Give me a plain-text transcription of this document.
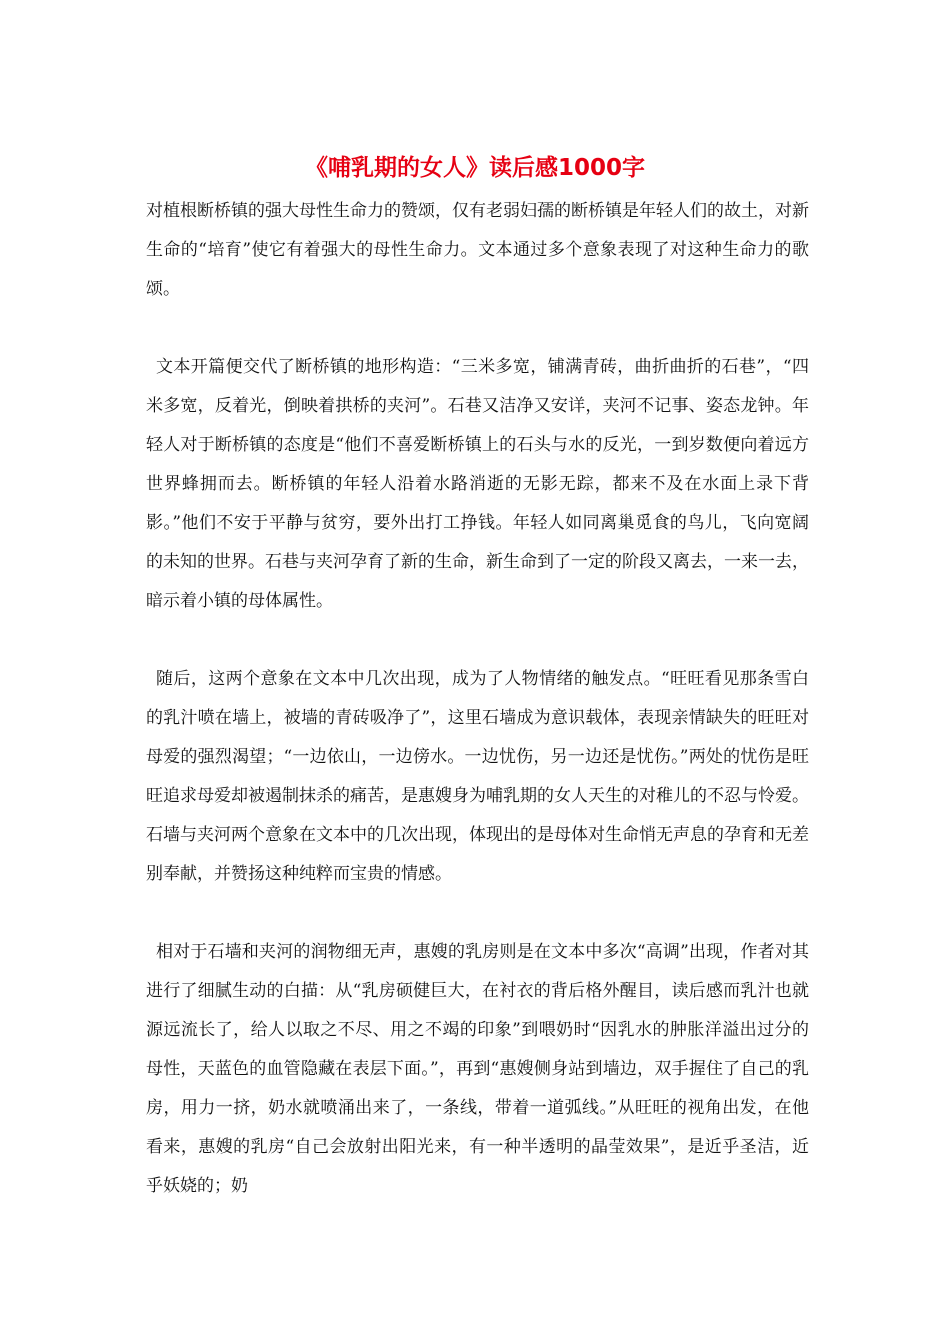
《哺乳期的女人》读后感1000字

对植根断桥镇的强大母性生命力的赞颂，仅有老弱妇孺的断桥镇是年轻人们的故土，对新生命的“培育”使它有着强大的母性生命力。文本通过多个意象表现了对这种生命力的歌颂。

文本开篇便交代了断桥镇的地形构造：“三米多宽，铺满青砖，曲折曲折的石巷”，“四米多宽，反着光，倒映着拱桥的夹河”。石巷又洁净又安详，夹河不记事、姿态龙钟。年轻人对于断桥镇的态度是“他们不喜爱断桥镇上的石头与水的反光，一到岁数便向着远方世界蜂拥而去。断桥镇的年轻人沿着水路消逝的无影无踪，都来不及在水面上录下背影。”他们不安于平静与贫穷，要外出打工挣钱。年轻人如同离巢觅食的鸟儿，飞向宽阔的未知的世界。石巷与夹河孕育了新的生命，新生命到了一定的阶段又离去，一来一去，暗示着小镇的母体属性。

随后，这两个意象在文本中几次出现，成为了人物情绪的触发点。“旺旺看见那条雪白的乳汁喷在墙上，被墙的青砖吸净了”，这里石墙成为意识载体，表现亲情缺失的旺旺对母爱的强烈渴望；“一边依山，一边傍水。一边忧伤，另一边还是忧伤。”两处的忧伤是旺旺追求母爱却被遏制抹杀的痛苦，是惠嫂身为哺乳期的女人天生的对稚儿的不忍与怜爱。石墙与夹河两个意象在文本中的几次出现，体现出的是母体对生命悄无声息的孕育和无差别奉献，并赞扬这种纯粹而宝贵的情感。

相对于石墙和夹河的润物细无声，惠嫂的乳房则是在文本中多次“高调”出现，作者对其进行了细腻生动的白描：从“乳房硕健巨大，在衬衣的背后格外醒目，读后感而乳汁也就源远流长了，给人以取之不尽、用之不竭的印象”到喂奶时“因乳水的肿胀洋溢出过分的母性，天蓝色的血管隐藏在表层下面。”，再到“惠嫂侧身站到墙边，双手握住了自己的乳房，用力一挤，奶水就喷涌出来了，一条线，带着一道弧线。”从旺旺的视角出发，在他看来，惠嫂的乳房“自己会放射出阳光来，有一种半透明的晶莹效果”，是近乎圣洁，近乎妖娆的；奶
